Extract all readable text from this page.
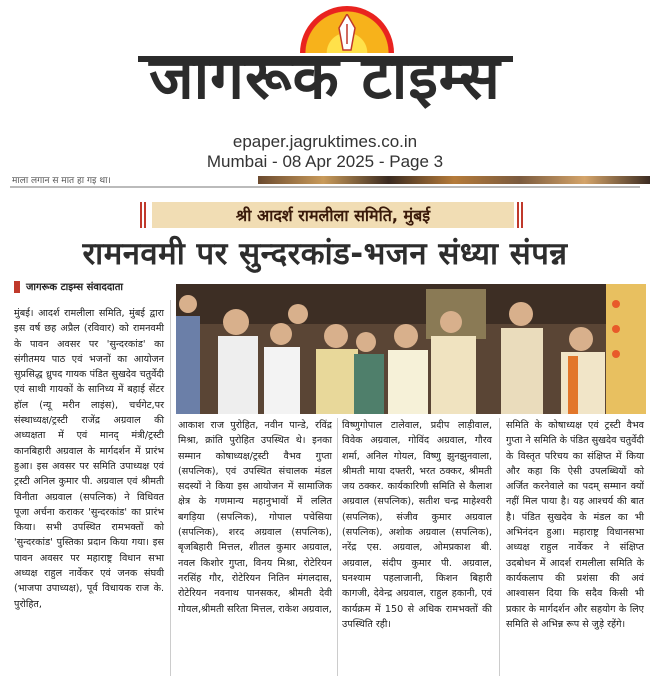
जागरूक टाइम्स
epaper.jagruktimes.co.in
Mumbai - 08 Apr 2025 - Page 3
माला लगान स मात हा गइ था।
श्री आदर्श रामलीला समिति, मुंबई
रामनवमी पर सुन्दरकांड-भजन संध्या संपन्न
जागरूक टाइम्स संवाददाता

मुंबई। आदर्श रामलीला समिति, मुंबई द्वारा इस वर्ष छह अप्रैल (रविवार) को रामनवमी के पावन अवसर पर 'सुन्दरकांड' का संगीतमय पाठ एवं भजनों का आयोजन सुप्रसिद्ध ध्रुपद गायक पंडित सुखदेव चतुर्वेदी एवं साथी गायकों के सानिध्य में बहाई सेंटर हॉल (न्यू मरीन लाइंस), चर्चगेट,पर संस्थाध्यक्ष/ट्रस्टी राजेंद्र अग्रवाल की अध्यक्षता में एवं मानद् मंत्री/ट्रस्टी कानबिहारी अग्रवाल के मार्गदर्शन में प्रारंभ हुआ। इस अवसर पर समिति उपाध्यक्ष एवं ट्रस्टी अनिल कुमार पी. अग्रवाल एवं श्रीमती विनीता अग्रवाल (सपत्निक) ने विधिवत पूजा अर्चना कराकर 'सुन्दरकांड' का प्रारंभ किया। सभी उपस्थित रामभक्तों को 'सुन्दरकांड' पुस्तिका प्रदान किया गया। इस पावन अवसर पर महाराष्ट्र विधान सभा अध्यक्ष राहुल नार्वेकर एवं जनक संघवी (भाजपा उपाध्यक्ष), पूर्व विधायक राज के. पुरोहित,

आकाश राज पुरोहित, नवीन पान्डे, रविंद्र मिश्रा, क्रांति पुरोहित उपस्थित थे। इनका सम्मान कोषाध्यक्ष/ट्रस्टी वैभव गुप्ता (सपत्निक), एवं उपस्थित संचालक मंडल सदस्यों ने किया इस आयोजन में सामाजिक क्षेत्र के गणमान्य महानुभावों में ललित बगड़िया (सपत्निक), गोपाल पचेसिया (सपत्निक), शरद अग्रवाल (सपत्निक), बृजबिहारी मित्तल, शीतल कुमार अग्रवाल, नवल किशोर गुप्ता, विनय मिश्रा, रोटेरियन नरसिंह गौर, रोटेरियन नितिन मंगलदास, रोटेरियन नवनाथ पानसकर, श्रीमती देवी गोयल,श्रीमती सरिता मित्तल, राकेश अग्रवाल,

विष्णुगोपाल टालेवाल, प्रदीप लाड़ीवाल, विवेक अग्रवाल, गोविंद अग्रवाल, गौरव शर्मा, अनिल गोयल, विष्णु झुनझुनवाला, श्रीमती माया दफ्तरी, भरत ठक्कर, श्रीमती जय ठक्कर. कार्यकारिणी समिति से कैलाश अग्रवाल (सपत्निक), सतीश चन्द्र माहेश्वरी (सपत्निक), संजीव कुमार अग्रवाल (सपत्निक), अशोक अग्रवाल (सपत्निक), नरेंद्र एस. अग्रवाल, ओमप्रकाश बी. अग्रवाल, संदीप कुमार पी. अग्रवाल, घनश्याम पहलाजानी, किशन बिहारी कागजी, देवेन्द्र अग्रवाल, राहुल हकानी, एवं कार्यक्रम में 150 से अधिक रामभक्तों की उपस्थिति रही।

समिति के कोषाध्यक्ष एवं ट्रस्टी वैभव गुप्ता ने समिति के पंडित सुखदेव चतुर्वेदी के विस्तृत परिचय का संक्षिप्त में किया और कहा कि ऐसी उपलब्धियों को अर्जित करनेवाले का पदम् सम्मान क्यों नहीं मिल पाया है। यह आश्चर्य की बात है। पंडित सुखदेव के मंडल का भी अभिनंदन हुआ। महाराष्ट्र विधानसभा अध्यक्ष राहुल नार्वेकर ने संक्षिप्त उदबोधन में आदर्श रामलीला समिति के कार्यकलाप की प्रशंसा की अवं आश्वासन दिया कि सदैव किसी भी प्रकार के मार्गदर्शन और सहयोग के लिए समिति से अभिन्न रूप से जुड़े रहेंगे।
